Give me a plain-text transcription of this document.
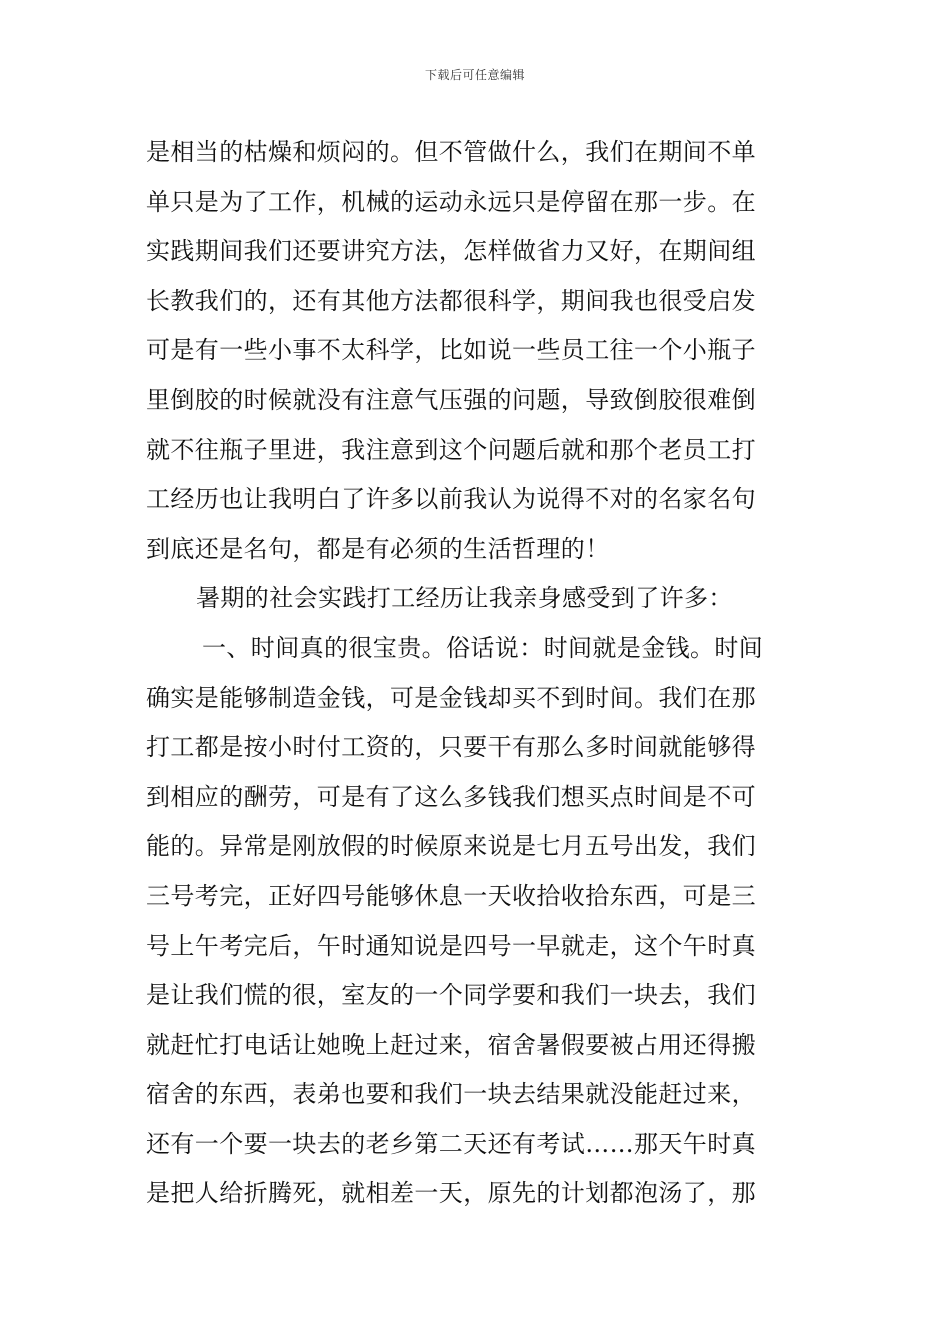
下载后可任意编辑
是相当的枯燥和烦闷的。但不管做什么，我们在期间不单
单只是为了工作，机械的运动永远只是停留在那一步。在
实践期间我们还要讲究方法，怎样做省力又好，在期间组
长教我们的，还有其他方法都很科学，期间我也很受启发
可是有一些小事不太科学，比如说一些员工往一个小瓶子
里倒胶的时候就没有注意气压强的问题，导致倒胶很难倒
就不往瓶子里进，我注意到这个问题后就和那个老员工打
工经历也让我明白了许多以前我认为说得不对的名家名句
到底还是名句，都是有必须的生活哲理的！
暑期的社会实践打工经历让我亲身感受到了许多：
一、时间真的很宝贵。俗话说：时间就是金钱。时间
确实是能够制造金钱，可是金钱却买不到时间。我们在那
打工都是按小时付工资的，只要干有那么多时间就能够得
到相应的酬劳，可是有了这么多钱我们想买点时间是不可
能的。异常是刚放假的时候原来说是七月五号出发，我们
三号考完，正好四号能够休息一天收拾收拾东西，可是三
号上午考完后，午时通知说是四号一早就走，这个午时真
是让我们慌的很，室友的一个同学要和我们一块去，我们
就赶忙打电话让她晚上赶过来，宿舍暑假要被占用还得搬
宿舍的东西，表弟也要和我们一块去结果就没能赶过来，
还有一个要一块去的老乡第二天还有考试……那天午时真
是把人给折腾死，就相差一天，原先的计划都泡汤了，那
